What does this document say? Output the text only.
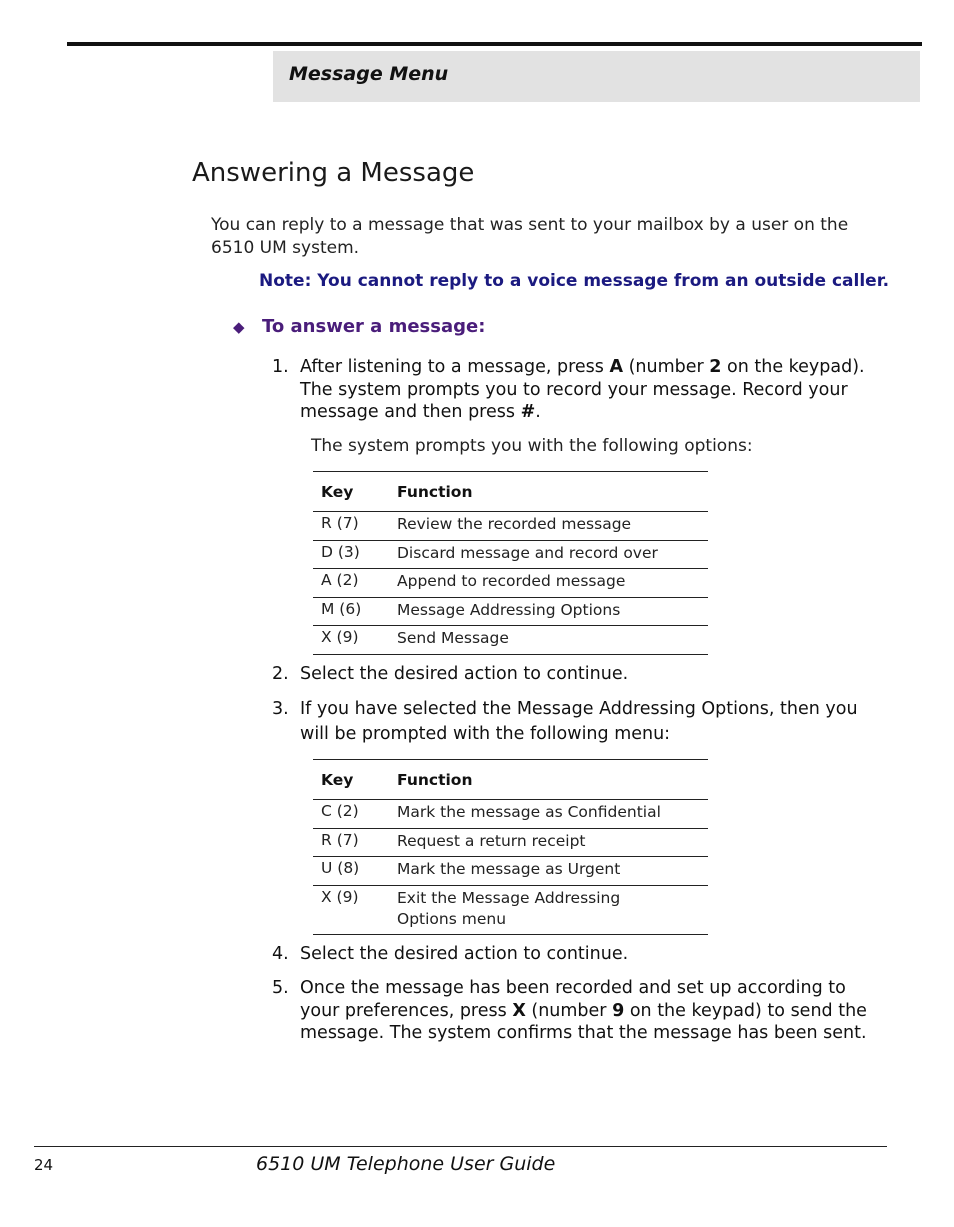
Message Menu
Answering a Message

You can reply to a message that was sent to your mailbox by a user on the 6510 UM system.

Note: You cannot reply to a voice message from an outside caller.

◆ To answer a message:
1. After listening to a message, press A (number 2 on the keypad). The system prompts you to record your message. Record your message and then press #.

The system prompts you with the following options:

Key	Function

R (7)	Review the recorded message

D (3)	Discard message and record over

A (2)	Append to recorded message

M (6)	Message Addressing Options

X (9)	Send Message
2. Select the desired action to continue.
3. If you have selected the Message Addressing Options, then you will be prompted with the following menu:
Key	Function

C (2)	Mark the message as Confidential

R (7)	Request a return receipt

U (8)	Mark the message as Urgent

X (9)	Exit the Message Addressing Options menu
4. Select the desired action to continue.
5. Once the message has been recorded and set up according to your preferences, press X (number 9 on the keypad) to send the message. The system confirms that the message has been sent.
24	6510 UM Telephone User Guide
